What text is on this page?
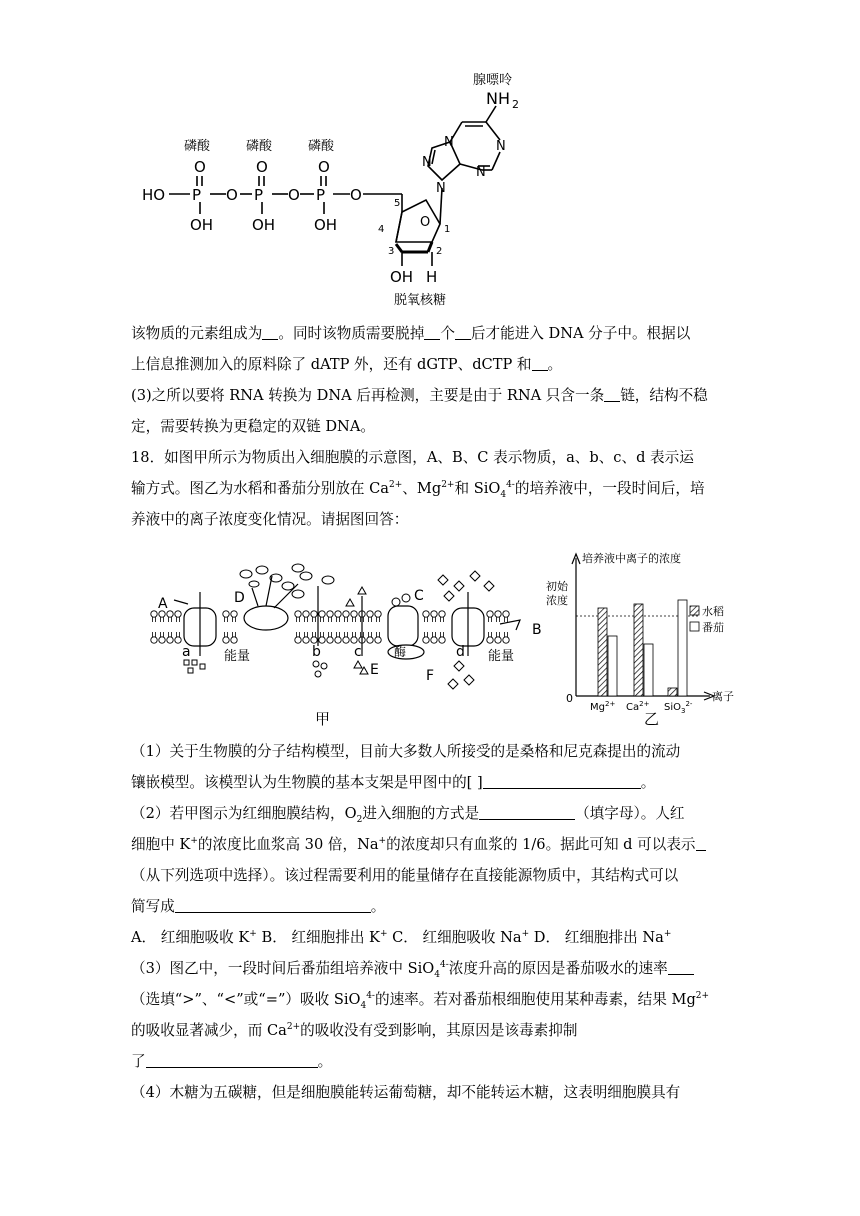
HO P	P	P
O	O	O
O	O	O
OH	OH	OH
磷酸	磷酸	磷酸
5
4
3	2
1
O
OH H
脱氧核糖
N
N
N	N
N
NH 2
腺嘌呤

该物质的元素组成为 。同时该物质需要脱掉 个 后才能进入 DNA 分子中。根据以
上信息推测加入的原料除了 dATP 外，还有 dGTP、dCTP 和 。
(3)之所以要将 RNA 转换为 DNA 后再检测，主要是由于 RNA 只含一条 链，结构不稳
定，需要转换为更稳定的双链 DNA。
18．如图甲所示为物质出入细胞膜的示意图，A、B、C 表示物质，a、b、c、d 表示运
输方式。图乙为水稻和番茄分别放在 $Ca^{2+}$、$Mg^{2+}$和 SiO$_4^{4-}$的培养液中，一段时间后，培
养液中的离子浓度变化情况。请据图回答：

A
B
C
D
E	F
a	b c	d
酶
能量	能量
甲
培养液中离子的浓度
离子
0
初始
浓度
水稻
番茄
$Mg^{2+}$ $Ca^{2+}$ SiO$_3^{2-}$
乙

（1）关于生物膜的分子结构模型，目前大多数人所接受的是桑格和尼克森提出的流动
镶嵌模型。该模型认为生物膜的基本支架是甲图中的[ ]	。
（2）若甲图示为红细胞膜结构，$O_2$进入细胞的方式是	（填字母）。人红
细胞中 K+的浓度比血浆高 30 倍，Na+的浓度却只有血浆的 1/6。据此可知 d 可以表示
（从下列选项中选择）。该过程需要利用的能量储存在直接能源物质中，其结构式可以
简写成	。
A． 红细胞吸收 K+ B． 红细胞排出 K+ C． 红细胞吸收 Na+ D． 红细胞排出 Na+
（3）图乙中，一段时间后番茄组培养液中 SiO$_4^{4-}$浓度升高的原因是番茄吸水的速率
（选填“>”、“<”或“=”）吸收 SiO$_4^{4-}$的速率。若对番茄根细胞使用某种毒素，结果 $Mg^{2+}$
的吸收显著减少，而 $Ca^{2+}$的吸收没有受到影响，其原因是该毒素抑制
了	。
（4）木糖为五碳糖，但是细胞膜能转运葡萄糖，却不能转运木糖，这表明细胞膜具有
